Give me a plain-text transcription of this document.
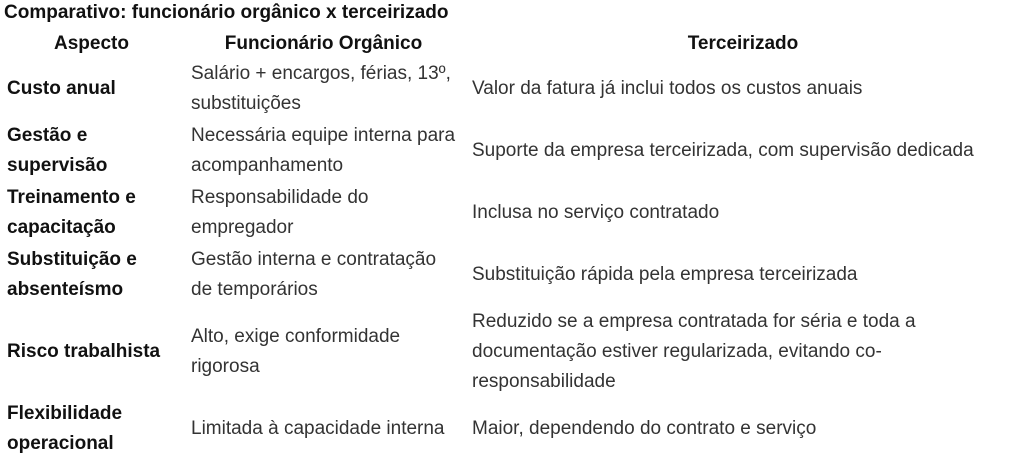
Comparativo: funcionário orgânico x terceirizado
Aspecto	Funcionário Orgânico	Terceirizado
Custo anual	Salário + encargos, férias, 13º, substituições	Valor da fatura já inclui todos os custos anuais
Gestão e supervisão	Necessária equipe interna para acompanhamento	Suporte da empresa terceirizada, com supervisão dedicada
Treinamento e capacitação	Responsabilidade do empregador	Inclusa no serviço contratado
Substituição e absenteísmo	Gestão interna e contratação de temporários	Substituição rápida pela empresa terceirizada
Risco trabalhista	Alto, exige conformidade rigorosa	Reduzido se a empresa contratada for séria e toda a documentação estiver regularizada, evitando co-responsabilidade
Flexibilidade operacional	Limitada à capacidade interna	Maior, dependendo do contrato e serviço
